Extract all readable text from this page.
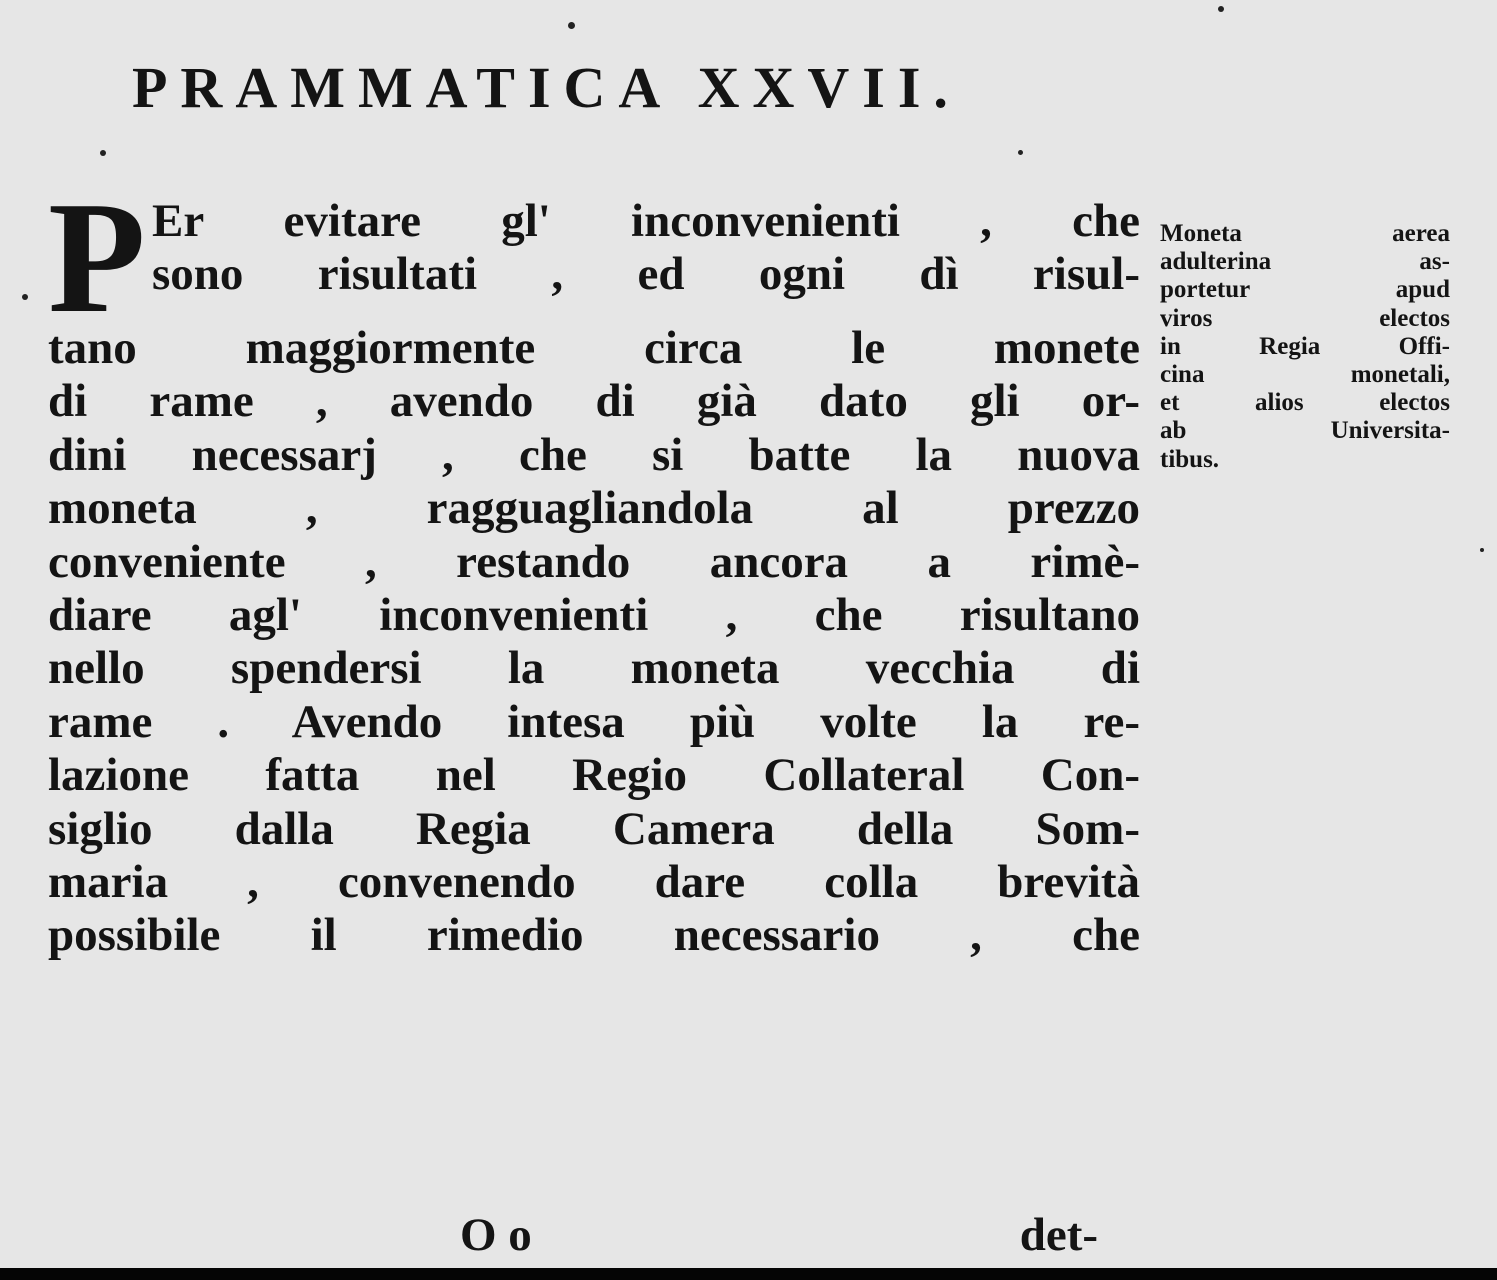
PRAMMATICA XXVII.
P Er evitare gl' inconvenienti , che
sono risultati , ed ogni dì risul-
tano maggiormente circa le monete
di rame , avendo di già dato gli or-
dini necessarj , che si batte la nuova
moneta , ragguagliandola al prezzo
conveniente , restando ancora a rimè-
diare agl' inconvenienti , che risultano
nello spendersi la moneta vecchia di
rame . Avendo intesa più volte la re-
lazione fatta nel Regio Collateral Con-
siglio dalla Regia Camera della Som-
maria , convenendo dare colla brevità
possibile il rimedio necessario , che
O o	det-
Moneta aerea
adulterina as-
portetur apud
viros electos
in Regia Offi-
cina monetali,
et alios electos
ab Universita-
tibus.
